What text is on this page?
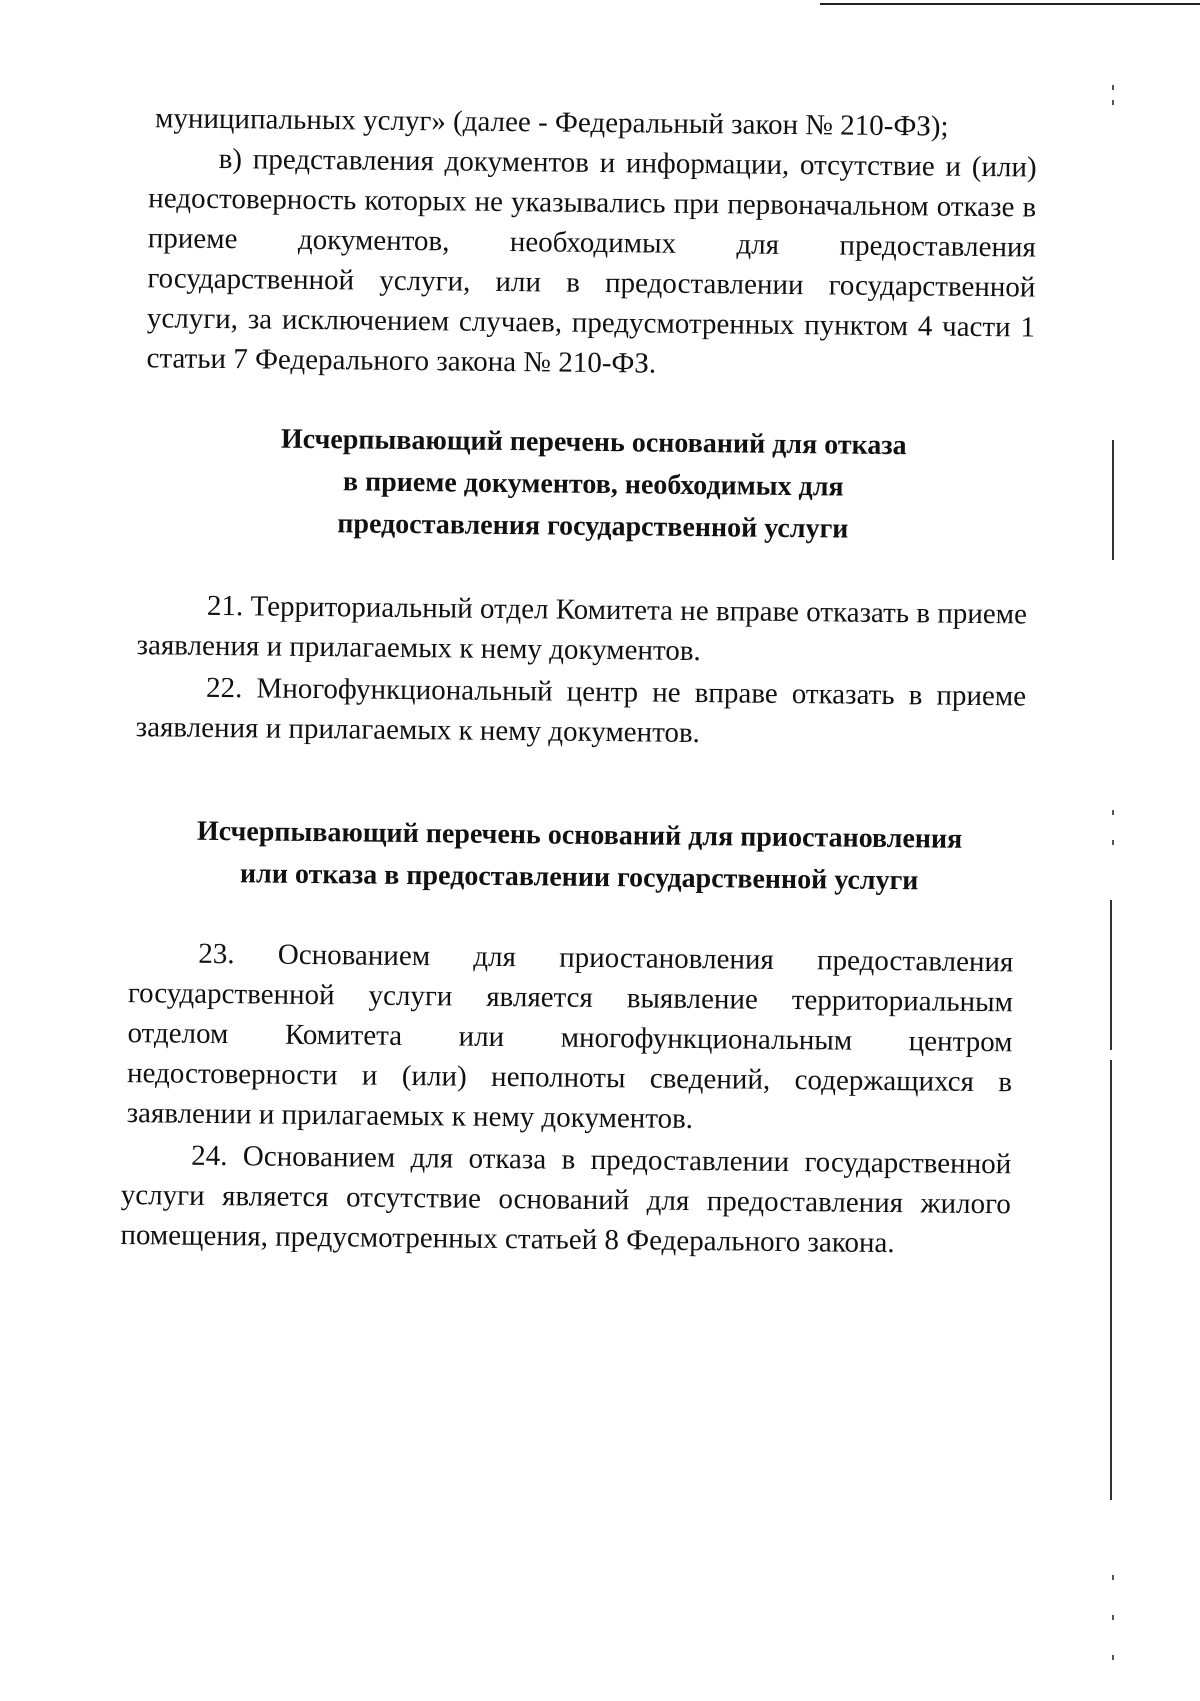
муниципальных услуг» (далее - Федеральный закон № 210-ФЗ);

в) представления документов и информации, отсутствие и (или) недостоверность которых не указывались при первоначальном отказе в приеме документов, необходимых для предоставления государственной услуги, или в предоставлении государственной услуги, за исключением случаев, предусмотренных пунктом 4 части 1 статьи 7 Федерального закона № 210-ФЗ.

Исчерпывающий перечень оснований для отказа
в приеме документов, необходимых для
предоставления государственной услуги

21. Территориальный отдел Комитета не вправе отказать в приеме заявления и прилагаемых к нему документов.

22. Многофункциональный центр не вправе отказать в приеме заявления и прилагаемых к нему документов.

Исчерпывающий перечень оснований для приостановления
или отказа в предоставлении государственной услуги

23. Основанием для приостановления предоставления государственной услуги является выявление территориальным отделом Комитета или многофункциональным центром недостоверности и (или) неполноты сведений, содержащихся в заявлении и прилагаемых к нему документов.

24. Основанием для отказа в предоставлении государственной услуги является отсутствие оснований для предоставления жилого помещения, предусмотренных статьей 8 Федерального закона.
